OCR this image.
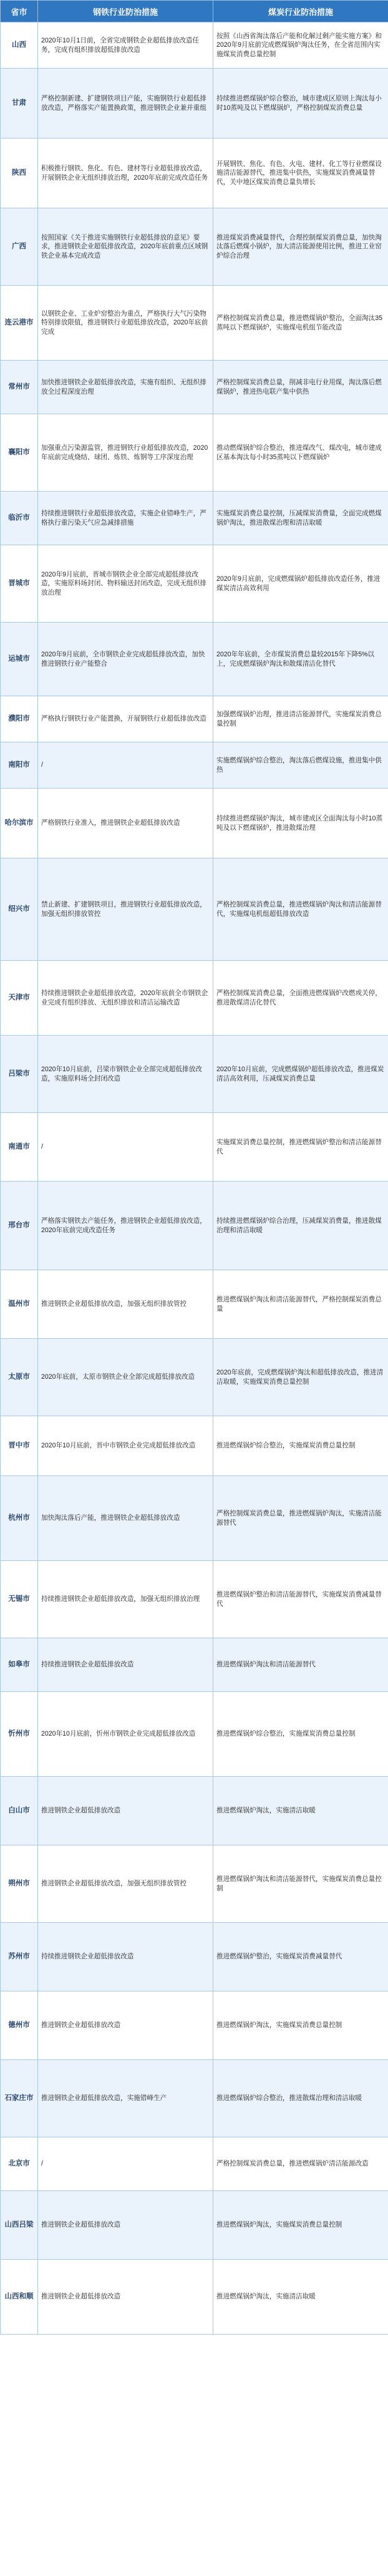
省市	钢铁行业防治措施	煤炭行业防治措施
山西	2020年10月1日前，全省完成钢铁企业超低排放改造任务，完成有组织排放超低排放改造	按照《山西省淘汰落后产能和化解过剩产能实施方案》和2020年9月底前完成燃煤锅炉淘汰任务，在全省范围内实施煤炭消费总量控制
甘肃	严格控制新建、扩建钢铁项目产能，实施钢铁行业超低排放改造，严格落实产能置换政策，推进钢铁企业兼并重组	持续推进燃煤锅炉综合整治，城市建成区原则上淘汰每小时10蒸吨及以下燃煤锅炉，严格控制煤炭消费总量
陕西	积极推行钢铁、焦化、有色、建材等行业超低排放改造，开展钢铁企业无组织排放治理，2020年底前完成改造任务	开展钢铁、焦化、有色、火电、建材、化工等行业燃煤设施清洁能源替代，推进集中供热，实施煤炭消费减量替代，关中地区煤炭消费总量负增长
广西	按照国家《关于推进实施钢铁行业超低排放的意见》要求，推进钢铁企业超低排放改造，2020年底前重点区域钢铁企业基本完成改造	推进煤炭消费减量替代，合理控制煤炭消费总量，加快淘汰落后燃煤小锅炉，加大清洁能源使用比例，推进工业窑炉综合治理
连云港市	以钢铁企业、工业炉窑整治为重点，严格执行大气污染物特别排放限值，推进钢铁行业超低排放改造，2020年底前完成	严格控制煤炭消费总量，推进燃煤锅炉整治，全面淘汰35蒸吨以下燃煤锅炉，实施煤电机组节能改造
常州市	加快推进钢铁企业超低排放改造，实施有组织、无组织排放全过程深度治理	严格控制煤炭消费总量，削减非电行业用煤，淘汰落后燃煤锅炉，推进热电联产集中供热
襄阳市	加强重点污染源监管，推进钢铁行业超低排放改造，2020年底前完成烧结、球团、炼铁、炼钢等工序深度治理	推动燃煤锅炉综合整治，推进煤改气、煤改电，城市建成区基本淘汰每小时35蒸吨以下燃煤锅炉
临沂市	持续推进钢铁行业超低排放改造，实施企业错峰生产，严格执行重污染天气应急减排措施	实施煤炭消费总量控制，压减煤炭消费量，全面完成燃煤锅炉淘汰，推进散煤治理和清洁取暖
晋城市	2020年9月底前，晋城市钢铁企业全部完成超低排放改造，实施原料场封闭、物料输送封闭改造，完成无组织排放治理	2020年9月底前，完成燃煤锅炉超低排放改造任务，推进煤炭清洁高效利用
运城市	2020年9月底前，全市钢铁企业完成超低排放改造，加快推进钢铁行业产能整合	2020年年底前，全市煤炭消费总量较2015年下降5%以上，完成燃煤锅炉淘汰和散煤清洁化替代
濮阳市	严格执行钢铁行业产能置换，开展钢铁行业超低排放改造	加强燃煤锅炉治理，推进清洁能源替代，实施煤炭消费总量控制
南阳市	/	实施燃煤锅炉综合整治，淘汰落后燃煤设施，推进集中供热
哈尔滨市	严格钢铁行业准入，推进钢铁企业超低排放改造	持续推进燃煤锅炉淘汰，城市建成区全面淘汰每小时10蒸吨及以下燃煤锅炉，推进散煤治理
绍兴市	禁止新建、扩建钢铁项目，推进钢铁行业超低排放改造，加强无组织排放管控	严格控制煤炭消费总量，推进燃煤锅炉淘汰和清洁能源替代，实施煤电机组超低排放改造
天津市	持续推进钢铁企业超低排放改造，2020年底前全市钢铁企业完成有组织排放、无组织排放和清洁运输改造	严格控制煤炭消费总量，全面推进燃煤锅炉改燃或关停，推进散煤清洁化替代
吕梁市	2020年10月底前，吕梁市钢铁企业全部完成超低排放改造，实施原料场全封闭改造	2020年10月底前，完成燃煤锅炉超低排放改造，推进煤炭清洁高效利用，压减煤炭消费总量
南通市	/	实施煤炭消费总量控制，推进燃煤锅炉整治和清洁能源替代
邢台市	严格落实钢铁去产能任务，推进钢铁企业超低排放改造，2020年底前完成改造任务	持续推进燃煤锅炉综合治理，压减煤炭消费量，推进散煤治理和清洁取暖
温州市	推进钢铁企业超低排放改造，加强无组织排放管控	推进燃煤锅炉淘汰和清洁能源替代，严格控制煤炭消费总量
太原市	2020年底前，太原市钢铁企业全部完成超低排放改造	2020年底前，完成燃煤锅炉淘汰和超低排放改造，推进清洁取暖，实施煤炭消费总量控制
晋中市	2020年10月底前，晋中市钢铁企业完成超低排放改造	推进燃煤锅炉综合整治，实施煤炭消费总量控制
杭州市	加快淘汰落后产能，推进钢铁企业超低排放改造	严格控制煤炭消费总量，推进燃煤锅炉淘汰，实施清洁能源替代
无锡市	持续推进钢铁企业超低排放改造，加强无组织排放治理	推进燃煤锅炉整治和清洁能源替代，实施煤炭消费减量替代
如皋市	持续推进钢铁企业超低排放改造	推进燃煤锅炉淘汰和清洁能源替代
忻州市	2020年10月底前，忻州市钢铁企业完成超低排放改造	推进燃煤锅炉综合整治，实施煤炭消费总量控制
白山市	推进钢铁企业超低排放改造	推进燃煤锅炉淘汰，实施清洁取暖
朔州市	推进钢铁企业超低排放改造，加强无组织排放管控	推进燃煤锅炉淘汰和清洁能源替代，实施煤炭消费总量控制
苏州市	持续推进钢铁企业超低排放改造	推进燃煤锅炉整治，实施煤炭消费减量替代
德州市	推进钢铁企业超低排放改造	推进燃煤锅炉淘汰，实施煤炭消费总量控制
石家庄市	推进钢铁企业超低排放改造，实施错峰生产	推进燃煤锅炉综合整治，推进散煤治理和清洁取暖
北京市	/	严格控制煤炭消费总量，推进燃煤锅炉清洁能源改造
山西吕梁	推进钢铁企业超低排放改造	推进燃煤锅炉淘汰，实施煤炭消费总量控制
山西和顺	推进钢铁企业超低排放改造	推进燃煤锅炉淘汰，实施清洁取暖
